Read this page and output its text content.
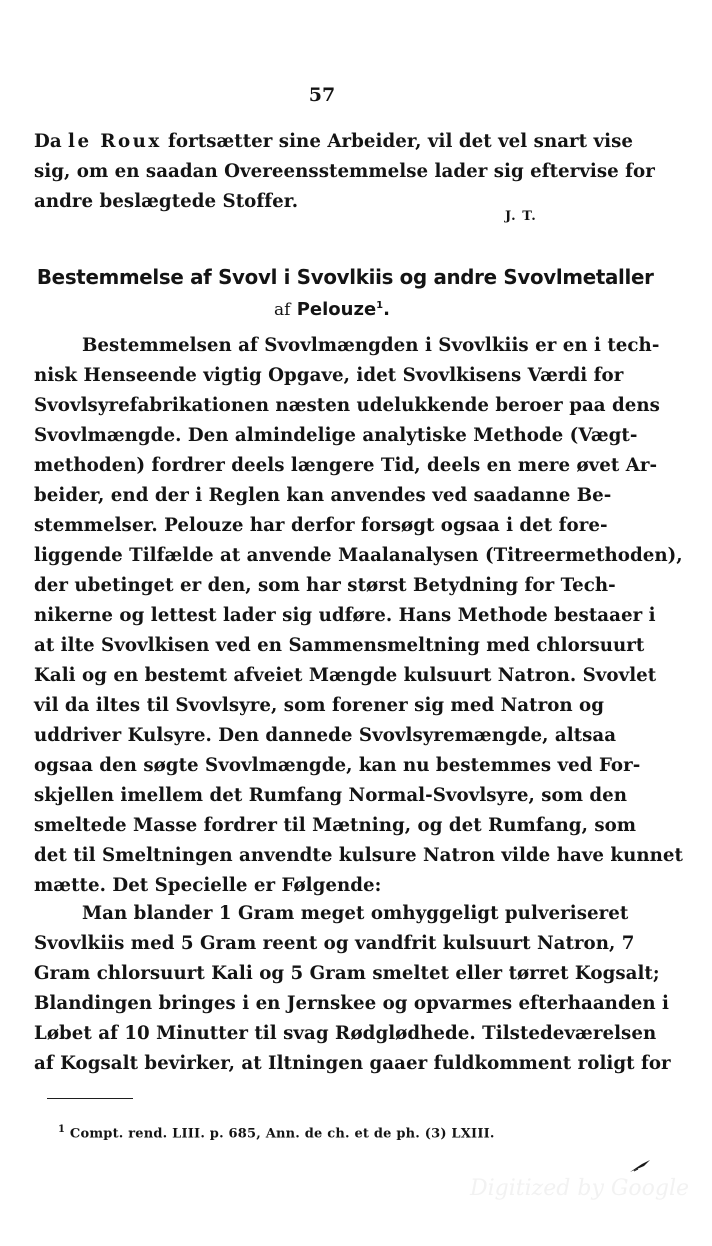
57
Da le Roux fortsætter sine Arbeider, vil det vel snart vise
sig, om en saadan Overeensstemmelse lader sig eftervise for
andre beslægtede Stoffer.
J. T.
Bestemmelse af Svovl i Svovlkiis og andre Svovlmetaller
af Pelouze$^1$.
Bestemmelsen af Svovlmængden i Svovlkiis er en i tech-
nisk Henseende vigtig Opgave, idet Svovlkisens Værdi for
Svovlsyrefabrikationen næsten udelukkende beroer paa dens
Svovlmængde. Den almindelige analytiske Methode (Vægt-
methoden) fordrer deels længere Tid, deels en mere øvet Ar-
beider, end der i Reglen kan anvendes ved saadanne Be-
stemmelser. Pelouze har derfor forsøgt ogsaa i det fore-
liggende Tilfælde at anvende Maalanalysen (Titreermethoden),
der ubetinget er den, som har størst Betydning for Tech-
nikerne og lettest lader sig udføre. Hans Methode bestaaer i
at ilte Svovlkisen ved en Sammensmeltning med chlorsuurt
Kali og en bestemt afveiet Mængde kulsuurt Natron. Svovlet
vil da iltes til Svovlsyre, som forener sig med Natron og
uddriver Kulsyre. Den dannede Svovlsyremængde, altsaa
ogsaa den søgte Svovlmængde, kan nu bestemmes ved For-
skjellen imellem det Rumfang Normal-Svovlsyre, som den
smeltede Masse fordrer til Mætning, og det Rumfang, som
det til Smeltningen anvendte kulsure Natron vilde have kunnet
mætte. Det Specielle er Følgende:
Man blander 1 Gram meget omhyggeligt pulveriseret
Svovlkiis med 5 Gram reent og vandfrit kulsuurt Natron, 7
Gram chlorsuurt Kali og 5 Gram smeltet eller tørret Kogsalt;
Blandingen bringes i en Jernskee og opvarmes efterhaanden i
Løbet af 10 Minutter til svag Rødglødhede. Tilstedeværelsen
af Kogsalt bevirker, at Iltningen gaaer fuldkomment roligt for
$^1$ Compt. rend. LIII. p. 685, Ann. de ch. et de ph. (3) LXIII.
Digitized by Google
